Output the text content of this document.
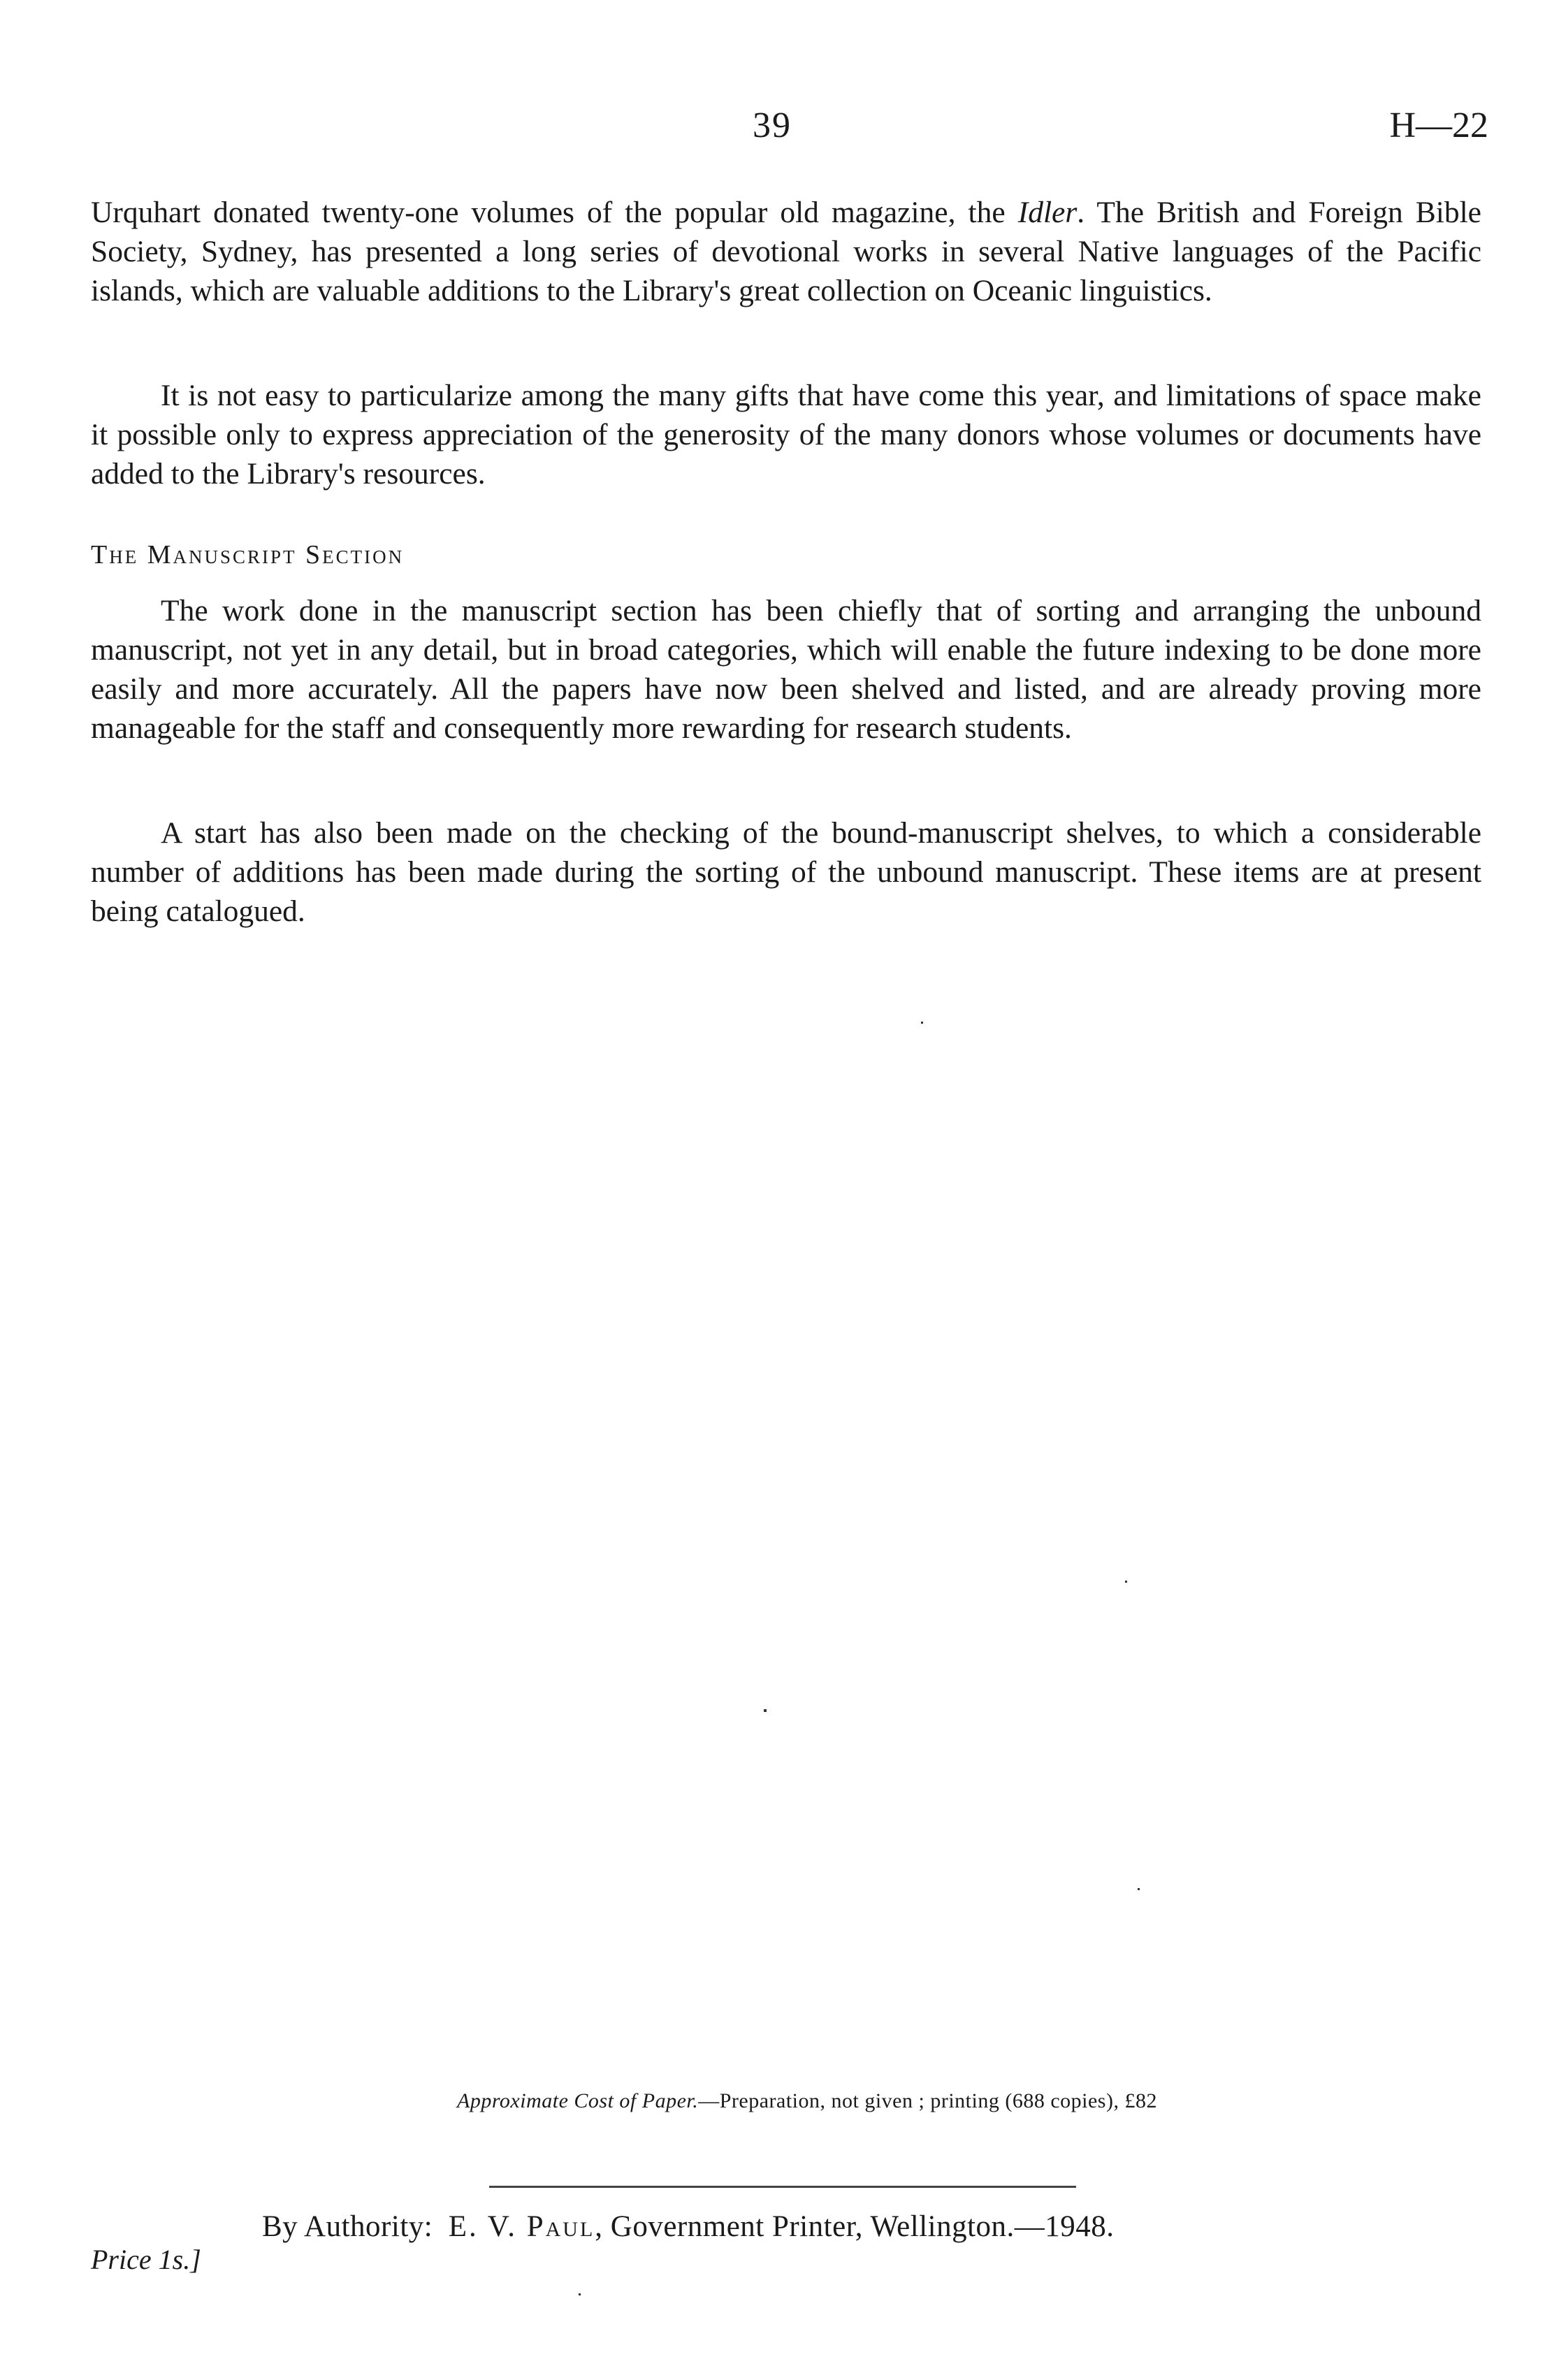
39	H—22

Urquhart donated twenty-one volumes of the popular old magazine, the Idler. The British and Foreign Bible Society, Sydney, has presented a long series of devotional works in several Native languages of the Pacific islands, which are valuable additions to the Library's great collection on Oceanic linguistics.

It is not easy to particularize among the many gifts that have come this year, and limitations of space make it possible only to express appreciation of the generosity of the many donors whose volumes or documents have added to the Library's resources.

The Manuscript Section

The work done in the manuscript section has been chiefly that of sorting and arranging the unbound manuscript, not yet in any detail, but in broad categories, which will enable the future indexing to be done more easily and more accurately. All the papers have now been shelved and listed, and are already proving more manageable for the staff and consequently more rewarding for research students.

A start has also been made on the checking of the bound-manuscript shelves, to which a considerable number of additions has been made during the sorting of the unbound manuscript. These items are at present being catalogued.

Approximate Cost of Paper.—Preparation, not given ; printing (688 copies), £82
By Authority: E. V. Paul, Government Printer, Wellington.—1948.
Price 1s.]
